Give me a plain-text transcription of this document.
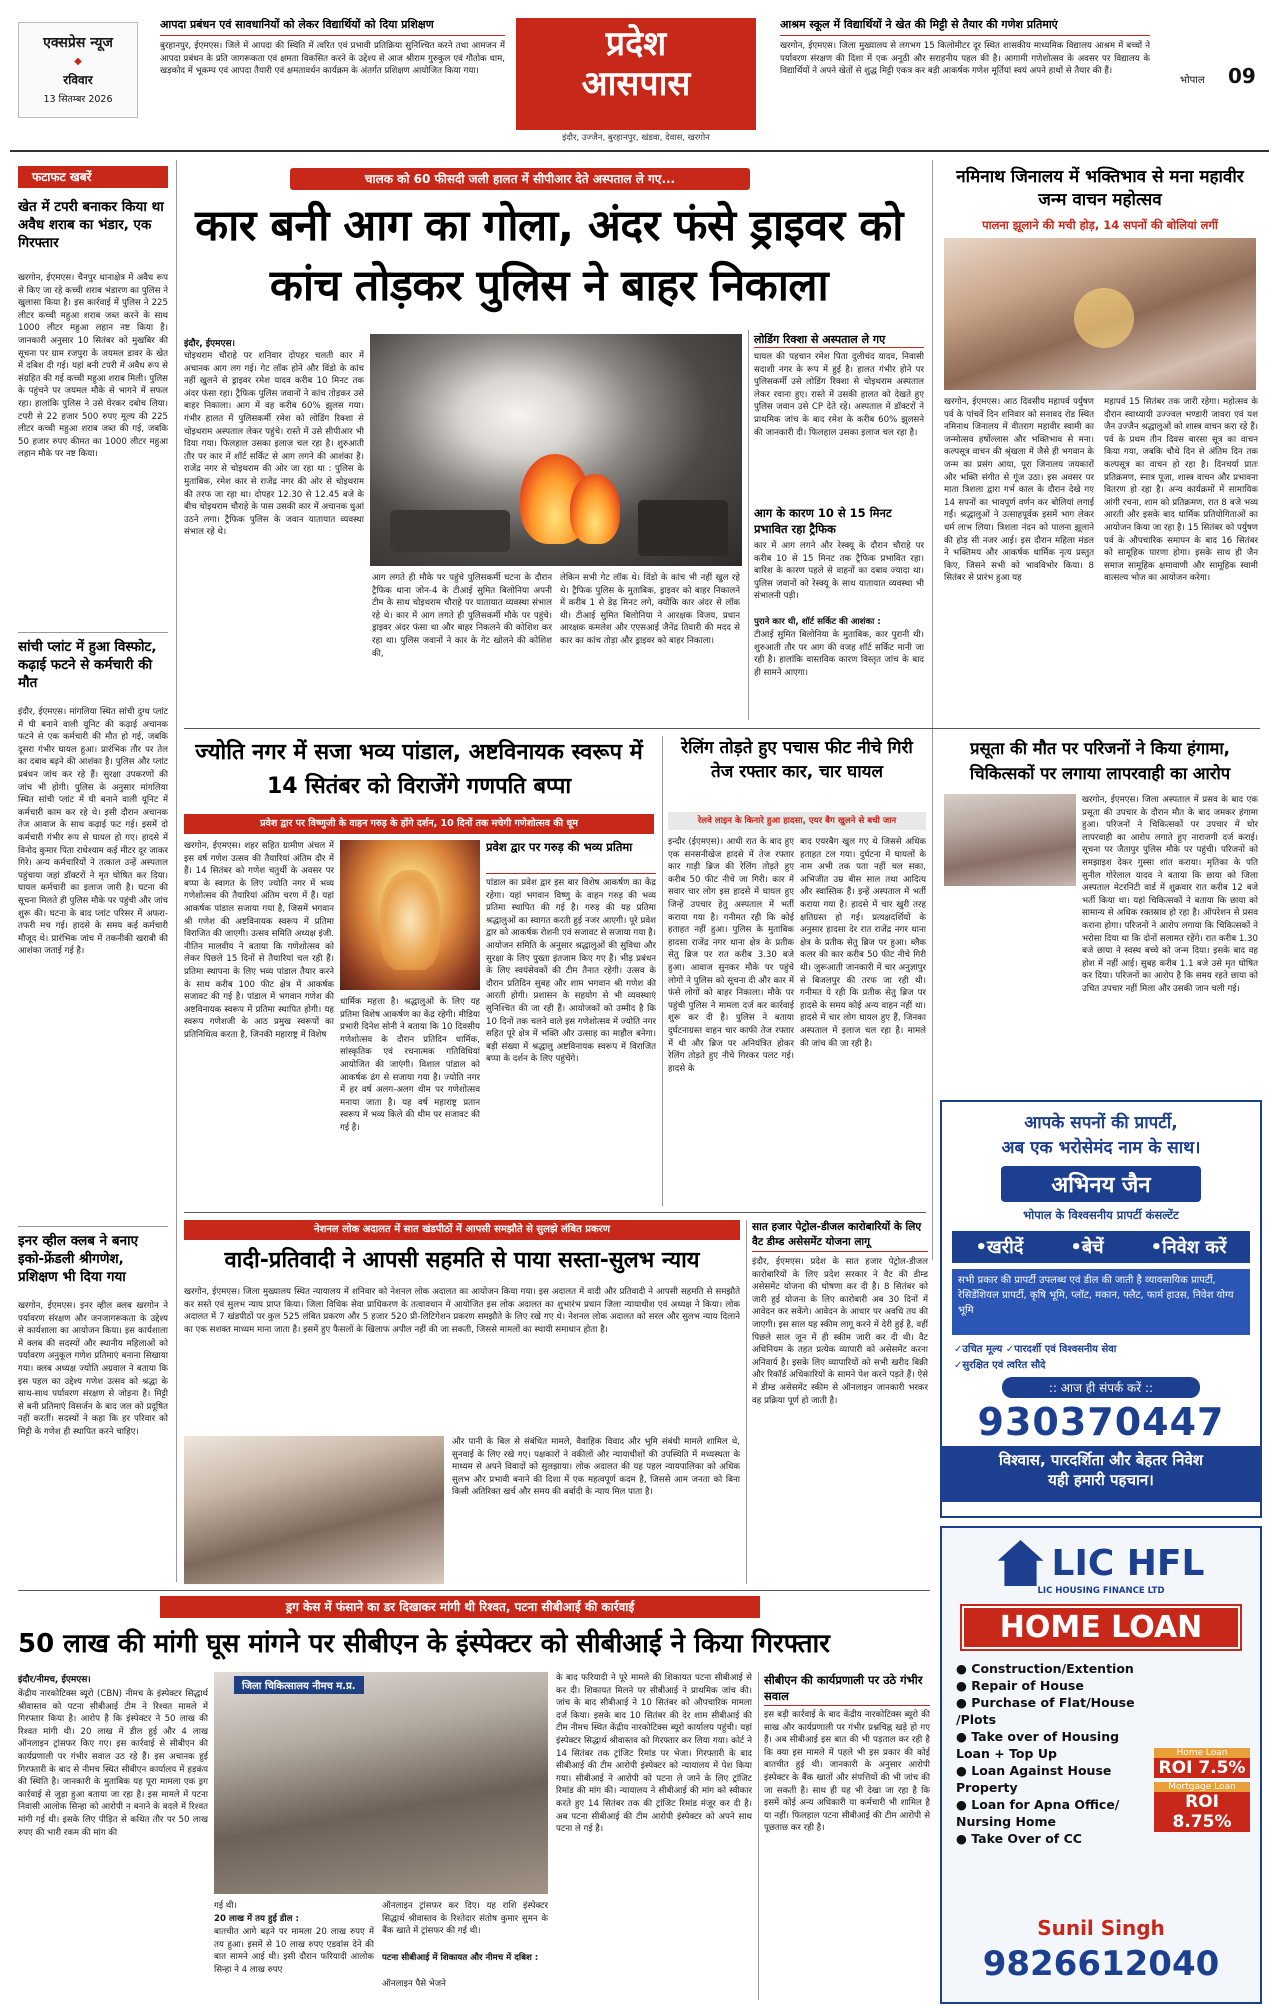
एक्सप्रेस न्यूज
◆
रविवार
13 सितम्बर 2026
आपदा प्रबंधन एवं सावधानियों को लेकर विद्यार्थियों को दिया प्रशिक्षण
बुरहानपुर, ईएमएस। जिले में आपदा की स्थिति में त्वरित एवं प्रभावी प्रतिक्रिया सुनिश्चित करने तथा आमजन में आपदा प्रबंधन के प्रति जागरूकता एवं क्षमता विकसित करने के उद्देश्य से आज श्रीराम गुरुकुल एवं गौतोक धाम, खड़कोद में भूकम्प एवं आपदा तैयारी एवं क्षमतावर्धन कार्यक्रम के अंतर्गत प्रशिक्षण आयोजित किया गया।
प्रदेश
आसपास
इंदौर, उज्जैन, बुरहानपुर, खंडवा, देवास, खरगोन
आश्रम स्कूल में विद्यार्थियों ने खेत की मिट्टी से तैयार की गणेश प्रतिमाएं
खरगोन, ईएमएस। जिला मुख्यालय से लगभग 15 किलोमीटर दूर स्थित शासकीय माध्यमिक विद्यालय आश्रम में बच्चों ने पर्यावरण संरक्षण की दिशा में एक अनूठी और सराहनीय पहल की है। आगामी गणेशोत्सव के अवसर पर विद्यालय के विद्यार्थियों ने अपने खेतों से शुद्ध मिट्टी एकत्र कर बड़ी आकर्षक गणेश मूर्तियां स्वयं अपने हाथों से तैयार की हैं।
भोपाल 09
फटाफट खबरें
खेत में टपरी बनाकर किया था अवैध शराब का भंडार, एक गिरफ्तार
खरगोन, ईएमएस। चैनपुर थानाक्षेत्र में अवैध रूप से किए जा रहे कच्ची शराब भंडारण का पुलिस ने खुलासा किया है। इस कार्रवाई में पुलिस ने 225 लीटर कच्ची महुआ शराब जब्त करने के साथ 1000 लीटर महुआ लहान नष्ट किया है। जानकारी अनुसार 10 सितंबर को मुखबिर की सूचना पर ग्राम रजपुरा के जयमल डावर के खेत में दबिश दी गई। यहां बनी टपरी में अवैध रूप से संग्रहित की गई कच्ची महुआ शराब मिली। पुलिस के पहुंचने पर जयमल मौके से भागने में सफल रहा। हालांकि पुलिस ने उसे घेरकर दबोच लिया। टपरी से 22 हजार 500 रुपए मूल्य की 225 लीटर कच्ची महुआ शराब जब्त की गई, जबकि 50 हजार रुपए कीमत का 1000 लीटर महुआ लहान मौके पर नष्ट किया।
सांची प्लांट में हुआ विस्फोट, कढ़ाई फटने से कर्मचारी की मौत
इंदौर, ईएमएस। मांगलिया स्थित सांची दुग्ध प्लांट में घी बनाने वाली यूनिट की कढ़ाई अचानक फटने से एक कर्मचारी की मौत हो गई, जबकि दूसरा गंभीर घायल हुआ। प्रारंभिक तौर पर तेल का दबाव बढ़ने की आशंका है। पुलिस और प्लांट प्रबंधन जांच कर रहे हैं। सुरक्षा उपकरणों की जांच भी होगी। पुलिस के अनुसार मांगलिया स्थित सांची प्लांट में घी बनाने वाली यूनिट में कर्मचारी काम कर रहे थे। इसी दौरान अचानक तेज आवाज के साथ कढ़ाई फट गई। इसमें दो कर्मचारी गंभीर रूप से घायल हो गए। हादसे में विनोद कुमार पिता राधेश्याम कई मीटर दूर जाकर गिरे। अन्य कर्मचारियों ने तत्काल उन्हें अस्पताल पहुंचाया जहां डॉक्टरों ने मृत घोषित कर दिया। घायल कर्मचारी का इलाज जारी है। घटना की सूचना मिलते ही पुलिस मौके पर पहुंची और जांच शुरू की। घटना के बाद प्लांट परिसर में अफरा-तफरी मच गई। हादसे के समय कई कर्मचारी मौजूद थे। प्रारंभिक जांच में तकनीकी खराबी की आशंका जताई गई है।
इनर व्हील क्लब ने बनाए इको-फ्रेंडली श्रीगणेश, प्रशिक्षण भी दिया गया
खरगोन, ईएमएस। इनर व्हील क्लब खरगोन ने पर्यावरण संरक्षण और जनजागरूकता के उद्देश्य से कार्यशाला का आयोजन किया। इस कार्यशाला में क्लब की सदस्यों और स्थानीय महिलाओं को पर्यावरण अनुकूल गणेश प्रतिमाएं बनाना सिखाया गया। क्लब अध्यक्ष ज्योति अग्रवाल ने बताया कि इस पहल का उद्देश्य गणेश उत्सव को श्रद्धा के साथ-साथ पर्यावरण संरक्षण से जोड़ना है। मिट्टी से बनी प्रतिमाएं विसर्जन के बाद जल को प्रदूषित नहीं करतीं। सदस्यों ने कहा कि हर परिवार को मिट्टी के गणेश ही स्थापित करने चाहिए।
चालक को 60 फीसदी जली हालत में सीपीआर देते अस्पताल ले गए...
कार बनी आग का गोला, अंदर फंसे ड्राइवर को कांच तोड़कर पुलिस ने बाहर निकाला
इंदौर, ईएमएस।
चोइथराम चौराहे पर शनिवार दोपहर चलती कार में अचानक आग लग गई। गेट लॉक होने और विंडो के कांच नहीं खुलने से ड्राइवर रमेश यादव करीब 10 मिनट तक अंदर फंसा रहा। ट्रैफिक पुलिस जवानों ने कांच तोड़कर उसे बाहर निकाला। आग में वह करीब 60% झुलस गया। गंभीर हालत में पुलिसकर्मी रमेश को लोडिंग रिक्शा से चोइथराम अस्पताल लेकर पहुंचे। रास्ते में उसे सीपीआर भी दिया गया। फिलहाल उसका इलाज चल रहा है। शुरुआती तौर पर कार में शॉर्ट सर्किट से आग लगने की आशंका है। राजेंद्र नगर से चोइथराम की ओर जा रहा था : पुलिस के मुताबिक, रमेश कार से राजेंद्र नगर की ओर से चोइथराम की तरफ जा रहा था। दोपहर 12.30 से 12.45 बजे के बीच चोइथराम चौराहे के पास उसकी कार में अचानक धुआं उठने लगा। ट्रैफिक पुलिस के जवान यातायात व्यवस्था संभाल रहे थे।
आग लगते ही मौके पर पहुंचे पुलिसकर्मी घटना के दौरान ट्रैफिक थाना जोन-4 के टीआई सुमित बिलोनिया अपनी टीम के साथ चोइथराम चौराहे पर यातायात व्यवस्था संभाल रहे थे। कार में आग लगते ही पुलिसकर्मी मौके पर पहुंचे। ड्राइवर अंदर फंसा था और बाहर निकलने की कोशिश कर रहा था। पुलिस जवानों ने कार के गेट खोलने की कोशिश की,
लेकिन सभी गेट लॉक थे। विंडो के कांच भी नहीं खुल रहे थे। ट्रैफिक पुलिस के मुताबिक, ड्राइवर को बाहर निकालने में करीब 1 से डेढ़ मिनट लगे, क्योंकि कार अंदर से लॉक थी। टीआई सुमित बिलोनिया ने आरक्षक विजय, प्रधान आरक्षक कमलेश और एएसआई जैनेंद्र तिवारी की मदद से कार का कांच तोड़ा और ड्राइवर को बाहर निकाला।
लोडिंग रिक्शा से अस्पताल ले गए
घायल की पहचान रमेश पिता दुलीचंद यादव, निवासी सदाशी नगर के रूप में हुई है। हालत गंभीर होने पर पुलिसकर्मी उसे लोडिंग रिक्शा से चोइथराम अस्पताल लेकर रवाना हुए। रास्ते में उसकी हालत को देखते हुए पुलिस जवान उसे CP देते रहे। अस्पताल में डॉक्टरों ने प्राथमिक जांच के बाद रमेश के करीब 60% झुलसने की जानकारी दी। फिलहाल उसका इलाज चल रहा है।
आग के कारण 10 से 15 मिनट प्रभावित रहा ट्रैफिक
कार में आग लगने और रेस्क्यू के दौरान चौराहे पर करीब 10 से 15 मिनट तक ट्रैफिक प्रभावित रहा। बारिश के कारण पहले से वाहनों का दबाव ज्यादा था। पुलिस जवानों को रेस्क्यू के साथ यातायात व्यवस्था भी संभालनी पड़ी।
पुराने कार थी, शॉर्ट सर्किट की आशंका :
टीआई सुमित बिलोनिया के मुताबिक, कार पुरानी थी। शुरुआती तौर पर आग की वजह शॉर्ट सर्किट मानी जा रही है। हालांकि वास्तविक कारण विस्तृत जांच के बाद ही सामने आएगा।
नमिनाथ जिनालय में भक्तिभाव से मना महावीर जन्म वाचन महोत्सव
पालना झूलाने की मची होड़, 14 सपनों की बोलियां लगीं
खरगोन, ईएमएस। आठ दिवसीय महापर्व पर्युषण पर्व के पांचवें दिन शनिवार को सनावद रोड स्थित नमिनाथ जिनालय में वीतराग महावीर स्वामी का जन्मोत्सव हर्षोल्लास और भक्तिभाव से मना। कल्पसूत्र वाचन की श्रृंखला में जैसे ही भगवान के जन्म का प्रसंग आया, पूरा जिनालय जयकारों और भक्ति संगीत से गूंज उठा। इस अवसर पर माता त्रिशला द्वारा गर्भ काल के दौरान देखे गए 14 सपनों का भावपूर्ण वर्णन कर बोलियां लगाई गईं। श्रद्धालुओं ने उत्साहपूर्वक इसमें भाग लेकर धर्म लाभ लिया। त्रिशला नंदन को पालना झूलाने की होड़ सी नजर आई। इस दौरान महिला मंडल ने भक्तिमय और आकर्षक धार्मिक नृत्य प्रस्तुत किए, जिसने सभी को भावविभोर किया। 8 सितंबर से प्रारंभ हुआ यह
महापर्व 15 सितंबर तक जारी रहेगा। महोत्सव के दौरान स्वाध्यायी उज्ज्वल भण्डारी जावरा एवं यश जैन उज्जैन श्रद्धालुओं को शास्त्र वाचन करा रहे हैं। पर्व के प्रथम तीन दिवस बारसा सूत्र का वाचन किया गया, जबकि चौथे दिन से अंतिम दिन तक कल्पसूत्र का वाचन हो रहा है। दिनचर्या प्रातः प्रतिक्रमण, स्नात्र पूजा, शास्त्र वाचन और प्रभावना वितरण हो रहा है। अन्य कार्यक्रमों में सामायिक आंगी रचना, शाम को प्रतिक्रमण, रात 8 बजे भव्य आरती और इसके बाद धार्मिक प्रतियोगिताओं का आयोजन किया जा रहा है। 15 सितंबर को पर्युषण पर्व के औपचारिक समापन के बाद 16 सितंबर को सामूहिक पारणा होगा। इसके साथ ही जैन समाज सामूहिक क्षमावाणी और सामूहिक स्वामी वात्सल्य भोज का आयोजन करेगा।
ज्योति नगर में सजा भव्य पांडाल, अष्टविनायक स्वरूप में 14 सितंबर को विराजेंगे गणपति बप्पा
प्रवेश द्वार पर विष्णुजी के वाहन गरुड़ के होंगे दर्शन, 10 दिनों तक मचेगी गणेशोत्सव की धूम
खरगोन, ईएमएस। शहर सहित ग्रामीण अंचल में इस वर्ष गणेश उत्सव की तैयारियां अंतिम दौर में हैं। 14 सितंबर को गणेश चतुर्थी के अवसर पर बप्पा के स्वागत के लिए ज्योति नगर में भव्य गणेशोत्सव की तैयारियां अंतिम चरण में हैं। यहां आकर्षक पांडाल सजाया गया है, जिसमें भगवान श्री गणेश की अष्टविनायक स्वरूप में प्रतिमा विराजित की जाएगी। उत्सव समिति अध्यक्ष इंजी. नीतिन मालवीय ने बताया कि गणेशोत्सव को लेकर पिछले 15 दिनों से तैयारियां चल रही हैं। प्रतिमा स्थापना के लिए भव्य पांडाल तैयार करने के साथ करीब 100 फीट क्षेत्र में आकर्षक सजावट की गई है। पांडाल में भगवान गणेश की अष्टविनायक स्वरूप में प्रतिमा स्थापित होगी। यह स्वरूप गणेशजी के आठ प्रमुख स्वरूपों का प्रतिनिधित्व करता है, जिनकी महाराष्ट्र में विशेष
धार्मिक महत्ता है। श्रद्धालुओं के लिए यह प्रतिमा विशेष आकर्षण का केंद्र रहेगी। मीडिया प्रभारी दिनेश सोनी ने बताया कि 10 दिवसीय गणेशोत्सव के दौरान प्रतिदिन धार्मिक, सांस्कृतिक एवं रचनात्मक गतिविधियां आयोजित की जाएंगी। विशाल पांडाल को आकर्षक ढंग से सजाया गया है। ज्योति नगर में हर वर्ष अलग-अलग थीम पर गणेशोत्सव मनाया जाता है। यह वर्ष महाराष्ट्र प्रतान स्वरूप में भव्य किले की थीम पर सजावट की गई है।
प्रवेश द्वार पर गरुड़ की भव्य प्रतिमा
पांडाल का प्रवेश द्वार इस बार विशेष आकर्षण का केंद्र रहेगा। यहां भगवान विष्णु के वाहन गरुड़ की भव्य प्रतिमा स्थापित की गई है। गरुड़ की यह प्रतिमा श्रद्धालुओं का स्वागत करती हुई नजर आएगी। पूरे प्रवेश द्वार को आकर्षक रोशनी एवं सजावट से सजाया गया है। आयोजन समिति के अनुसार श्रद्धालुओं की सुविधा और सुरक्षा के लिए पुख्ता इंतजाम किए गए हैं। भीड़ प्रबंधन के लिए स्वयंसेवकों की टीम तैनात रहेगी। उत्सव के दौरान प्रतिदिन सुबह और शाम भगवान श्री गणेश की आरती होगी। प्रशासन के सहयोग से भी व्यवस्थाएं सुनिश्चित की जा रही हैं। आयोजकों को उम्मीद है कि 10 दिनों तक चलने वाले इस गणेशोत्सव में ज्योति नगर सहित पूरे क्षेत्र में भक्ति और उत्साह का माहौल बनेगा। बड़ी संख्या में श्रद्धालु अष्टविनायक स्वरूप में विराजित बप्पा के दर्शन के लिए पहुंचेंगे।
रेलिंग तोड़ते हुए पचास फीट नीचे गिरी तेज रफ्तार कार, चार घायल
रेलवे लाइन के किनारे हुआ हादसा, एयर बैग खुलने से बची जान
इन्दौर (ईएमएस)। आधी रात के बाद हुए एक सनसनीखेज हादसे में तेज रफ्तार कार गाड़ी ब्रिज की रेलिंग तोड़ते हुए करीब 50 फीट नीचे जा गिरी। कार में सवार चार लोग इस हादसे में घायल हुए जिन्हें उपचार हेतु अस्पताल में भर्ती कराया गया है। गनीमत रही कि कोई हताहत नहीं हुआ। पुलिस के मुताबिक हादसा राजेंद्र नगर थाना क्षेत्र के प्रतीक सेतु ब्रिज पर रात करीब 3.30 बजे हुआ। आवाज सुनकर मौके पर पहुंचे लोगों ने पुलिस को सूचना दी और कार में फंसे लोगों को बाहर निकाला। मौके पर पहुंची पुलिस ने मामला दर्ज कर कार्रवाई शुरू कर दी है। पुलिस ने बताया दुर्घटनाग्रस्त वाहन चार काफी तेज रफ्तार में थी और ब्रिज पर अनियंत्रित होकर रेलिंग तोड़ते हुए नीचे गिरकर पलट गई। हादसे के
बाद एयरबैग खुल गए थे जिससे अधिक हताहत टल गया। दुर्घटना में घायलों के नाम अभी तक पता नहीं चल सका, अभिजीत उम्र बीस साल तथा आदित्य और स्वास्तिक हैं। इन्हें अस्पताल में भर्ती कराया गया है। हादसे में चार खुरी तरह क्षतिग्रस्त हो गई। प्रत्यक्षदर्शियों के अनुसार हादसा देर रात राजेंद्र नगर थाना क्षेत्र के प्रतीक सेतु ब्रिज पर हुआ। ब्लैक कलर की कार करीब 50 फीट नीचे गिरी थी। जुरूआती जानकारी में चार अनुज्ञापुर से बिजलपुर की तरफ जा रही थी। गनीमत ये रही कि प्रतीक सेतु ब्रिज पर हादसे के समय कोई अन्य वाहन नहीं था। हादसे में चार लोग घायल हुए हैं, जिनका अस्पताल में इलाज चल रहा है। मामले की जांच की जा रही है।
प्रसूता की मौत पर परिजनों ने किया हंगामा, चिकित्सकों पर लगाया लापरवाही का आरोप
खरगोन, ईएमएस। जिला अस्पताल में प्रसव के बाद एक प्रसूता की उपचार के दौरान मौत के बाद जमकर हंगामा हुआ। परिजनों ने चिकित्सकों पर उपचार में घोर लापरवाही का आरोप लगाते हुए नाराजगी दर्ज कराई। सूचना पर जैतापुर पुलिस मौके पर पहुंची। परिजनों को समझाइश देकर गुस्सा शांत कराया। मृतिका के पति सुनील गोरेलाल यादव ने बताया कि छाया को जिला अस्पताल मेटरनिटी वार्ड में शुक्रवार रात करीब 12 बजे भर्ती किया था। यहां चिकित्सकों ने बताया कि छाया को सामान्य से अधिक रक्तस्राव हो रहा है। ऑपरेशन से प्रसव कराना होगा। परिजनों ने आरोप लगाया कि चिकित्सकों ने भरोसा दिया था कि दोनों सलामत रहेंगे। रात करीब 1.30 बजे छाया ने स्वस्थ बच्चे को जन्म दिया। इसके बाद वह होश में नहीं आई। सुबह करीब 1.1 बजे उसे मृत घोषित कर दिया। परिजनों का आरोप है कि समय रहते छाया को उचित उपचार नहीं मिला और उसकी जान चली गई।
आपके सपनों की प्रापर्टी,
अब एक भरोसेमंद नाम के साथ।
अभिनय जैन
भोपाल के विश्वसनीय प्रापर्टी कंसल्टेंट
•खरीदें	•बेचें	•निवेश करें
सभी प्रकार की प्रापर्टी उपलब्ध एवं डील की जाती है व्यावसायिक प्रापर्टी, रेसिडेंशियल प्रापर्टी, कृषि भूमि, प्लॉट, मकान, फ्लैट, फार्म हाउस, निवेश योग्य भूमि
✓उचित मूल्य ✓पारदर्शी एवं विश्वसनीय सेवा
✓सुरक्षित एवं त्वरित सौदे
:: आज ही संपर्क करें ::
930370447
विश्वास, पारदर्शिता और बेहतर निवेश
यही हमारी पहचान।
नेशनल लोक अदालत में सात खंडपीठों में आपसी समझौते से सुलझे लंबित प्रकरण
वादी-प्रतिवादी ने आपसी सहमति से पाया सस्ता-सुलभ न्याय
खरगोन, ईएमएस। जिला मुख्यालय स्थित न्यायालय में शनिवार को नेशनल लोक अदालत का आयोजन किया गया। इस अदालत में वादी और प्रतिवादी ने आपसी सहमति से समझौते कर सस्ते एवं सुलभ न्याय प्राप्त किया। जिला विधिक सेवा प्राधिकरण के तत्वावधान में आयोजित इस लोक अदालत का शुभारंभ प्रधान जिला न्यायाधीश एवं अध्यक्ष ने किया। लोक अदालत में 7 खंडपीठों पर कुल 525 लंबित प्रकरण और 5 हजार 520 प्री-लिटिगेशन प्रकरण समझौते के लिए रखे गए थे। नेशनल लोक अदालत को सरल और सुलभ न्याय दिलाने का एक सशक्त माध्यम माना जाता है। इसमें हुए फैसलों के खिलाफ अपील नहीं की जा सकती, जिससे मामलों का स्थायी समाधान होता है।
और पानी के बिल से संबंधित मामले, वैवाहिक विवाद और भूमि संबंधी मामले शामिल थे, सुनवाई के लिए रखे गए। पक्षकारों ने वकीलों और न्यायाधीशों की उपस्थिति में मध्यस्थता के माध्यम से अपने विवादों को सुलझाया। लोक अदालत की यह पहल न्यायपालिका को अधिक सुलभ और प्रभावी बनाने की दिशा में एक महत्वपूर्ण कदम है, जिससे आम जनता को बिना किसी अतिरिक्त खर्च और समय की बर्बादी के न्याय मिल पाता है।
सात हजार पेट्रोल-डीजल कारोबारियों के लिए वैट डीम्ड असेसमेंट योजना लागू
इंदौर, ईएमएस। प्रदेश के सात हजार पेट्रोल-डीजल कारोबारियों के लिए प्रदेश सरकार ने वैट की डीम्ड असेसमेंट योजना की घोषणा कर दी है। 8 सितंबर को जारी हुई योजना के लिए कारोबारी अब 30 दिनों में आवेदन कर सकेंगे। आवेदन के आधार पर अवधि तय की जाएगी। इस साल यह स्कीम लागू करने में देरी हुई है, वहीं पिछले साल जून में ही स्कीम जारी कर दी थी। वैट अधिनियम के तहत प्रत्येक व्यापारी को असेसमेंट करना अनिवार्य है। इसके लिए व्यापारियों को सभी खरीद बिक्री और रिकॉर्ड अधिकारियों के सामने पेश करने पड़ते हैं। ऐसे में डीम्ड असेसमेंट स्कीम से ऑनलाइन जानकारी भरकर वह प्रक्रिया पूर्ण हो जाती है।
LIC HFL
LIC HOUSING FINANCE LTD
HOME LOAN
● Construction/Extention
● Repair of House
● Purchase of Flat/House /Plots
● Take over of Housing Loan + Top Up
● Loan Against House Property
● Loan for Apna Office/ Nursing Home
● Take Over of CC
Home Loan
ROI 7.5%
Mortgage Loan
ROI 8.75%
Sunil Singh
9826612040
ड्रग केस में फंसाने का डर दिखाकर मांगी थी रिश्वत, पटना सीबीआई की कार्रवाई
50 लाख की मांगी घूस मांगने पर सीबीएन के इंस्पेक्टर को सीबीआई ने किया गिरफ्तार
इंदौर/नीमच, ईएमएस।
केंद्रीय नारकोटिक्स ब्यूरो (CBN) नीमच के इंस्पेक्टर सिद्धार्थ श्रीवास्तव को पटना सीबीआई टीम ने रिश्वत मामले में गिरफ्तार किया है। आरोप है कि इंस्पेक्टर ने 50 लाख की रिश्वत मांगी थी। 20 लाख में डील हुई और 4 लाख ऑनलाइन ट्रांसफर किए गए। इस कार्रवाई से सीबीएन की कार्यप्रणाली पर गंभीर सवाल उठ रहे हैं। इस अचानक हुई गिरफ्तारी के बाद से नीमच स्थित सीबीएन कार्यालय में हड़कंप की स्थिति है। जानकारी के मुताबिक यह पूरा मामला एक ड्रग कार्रवाई से जुड़ा हुआ बताया जा रहा है। इस मामले में पटना निवासी आलोक सिन्हा को आरोपी न बनाने के बदले में रिश्वत मांगी गई थी। इसके लिए पीड़ित से कथित तौर पर 50 लाख रुपए की भारी रकम की मांग की
जिला चिकित्सालय नीमच म.प्र.
गई थी।
20 लाख में तय हुई डील :
बातचीत आगे बढ़ने पर मामला 20 लाख रुपए में तय हुआ। इसमें से 10 लाख रुपए एडवांस देने की बात सामने आई थी। इसी दौरान फरियादी आलोक सिन्हा ने 4 लाख रुपए
ऑनलाइन ट्रांसफर कर दिए। यह राशि इंस्पेक्टर सिद्धार्थ श्रीवास्तव के रिश्तेदार संतोष कुमार सुमन के बैंक खाते में ट्रांसफर की गई थी।
पटना सीबीआई में शिकायत और नीमच में दबिश :
ऑनलाइन पैसे भेजने
के बाद फरियादी ने पूरे मामले की शिकायत पटना सीबीआई से कर दी। शिकायत मिलने पर सीबीआई ने प्राथमिक जांच की। जांच के बाद सीबीआई ने 10 सितंबर को औपचारिक मामला दर्ज किया। इसके बाद 10 सितंबर की देर शाम सीबीआई की टीम नीमच स्थित केंद्रीय नारकोटिक्स ब्यूरो कार्यालय पहुंची। यहां इंस्पेक्टर सिद्धार्थ श्रीवास्तव को गिरफ्तार कर लिया गया। कोर्ट ने 14 सितंबर तक ट्रांजिट रिमांड पर भेजा। गिरफ्तारी के बाद सीबीआई की टीम आरोपी इंस्पेक्टर को न्यायालय में पेश किया गया। सीबीआई ने आरोपी को पटना ले जाने के लिए ट्रांजिट रिमांड की मांग की। न्यायालय ने सीबीआई की मांग को स्वीकार करते हुए 14 सितंबर तक की ट्रांजिट रिमांड मंजूर कर दी है। अब पटना सीबीआई की टीम आरोपी इंस्पेक्टर को अपने साथ पटना ले गई है।
सीबीएन की कार्यप्रणाली पर उठे गंभीर सवाल
इस बड़ी कार्रवाई के बाद केंद्रीय नारकोटिक्स ब्यूरो की साख और कार्यप्रणाली पर गंभीर प्रश्नचिह्न खड़े हो गए हैं। अब सीबीआई इस बात की भी पड़ताल कर रही है कि क्या इस मामले में पहले भी इस प्रकार की कोई बातचीत हुई थी। जानकारी के अनुसार आरोपी इंस्पेक्टर के बैंक खातों और संपत्तियों की भी जांच की जा सकती है। साथ ही यह भी देखा जा रहा है कि इसमें कोई अन्य अधिकारी या कर्मचारी भी शामिल है या नहीं। फिलहाल पटना सीबीआई की टीम आरोपी से पूछताछ कर रही है।
